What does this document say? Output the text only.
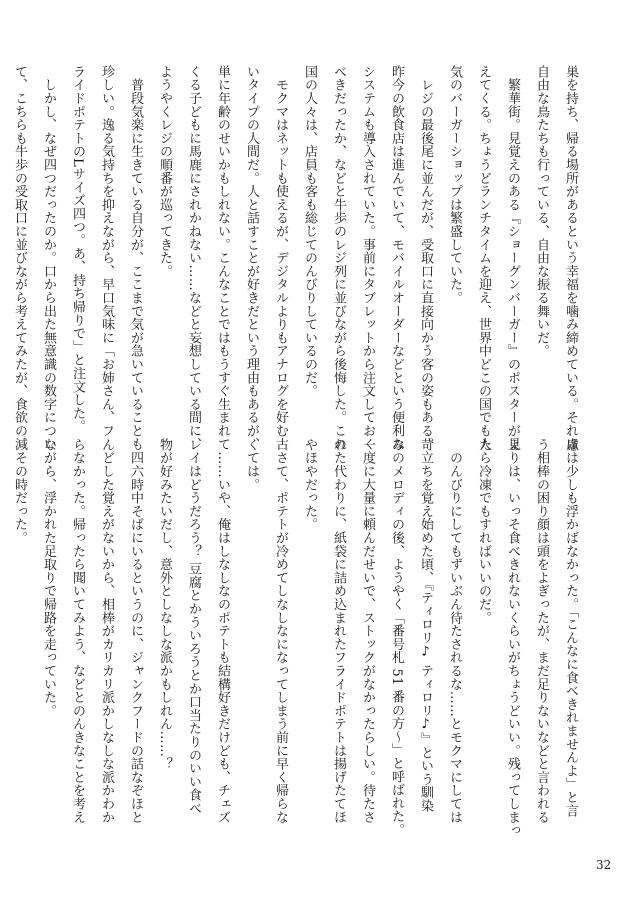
巣を持ち、帰る場所があるという幸福を噛み締めている。それは
自由な鳥たちも行っている、自由な振る舞いだ。
　繁華街。見覚えのある『ショーグンバーガー』のポスターが見
えてくる。ちょうどランチタイムを迎え、世界中どこの国でも人
気のバーガーショップは繁盛していた。
　レジの最後尾に並んだが、受取口に直接向かう客の姿もある。
昨今の飲食店は進んでいて、モバイルオーダーなどという便利な
システムも導入されていた。事前にタブレットから注文しておく
べきだったか、などと牛歩のレジ列に並びながら後悔した。この
国の人々は、店員も客も総じてのんびりしているのだ。
　モクマはネットも使えるが、デジタルよりもアナログを好む古
いタイプの人間だ。人と話すことが好きだという理由もあるが、
単に年齢のせいかもしれない。こんなことではもうすぐ生まれて
くる子どもに馬鹿にされかねない……などと妄想している間に、
ようやくレジの順番が巡ってきた。
　普段気楽に生きている自分が、ここまで気が急いていることも
珍しい。逸る気持ちを抑えながら、早口気味に「お姉さん、フ
ライドポテトのLサイズ四つ。あ、持ち帰りで」と注文した。
　しかし、なぜ四つだったのか。口から出た無意識の数字につい
て、こちらも牛歩の受取口に並びながら考えてみたが、食欲の減
慮は少しも浮かばなかった。「こんなに食べきれませんよ」と言
う相棒の困り顔は頭をよぎったが、まだ足りないなどと言われる
よりは、いっそ食べきれないくらいがちょうどいい。残ってしまっ
たら冷凍でもすればいいのだ。
　のんびりにしてもずいぶん待たされるな……とモクマにしては
苛立ちを覚え始めた頃、『ティロリ♪ ティロリ♪』という馴染
みのメロディの後、ようやく「番号札 51 番の方〜」と呼ばれた。
一度に大量に頼んだせいで、ストックがなかったらしい。待たさ
れた代わりに、紙袋に詰め込まれたフライドポテトは揚げたてほ
やほやだった。
　さて、ポテトが冷めてしなしなになってしまう前に早く帰らな
くては。
　……いや、俺はしなしなのポテトも結構好きだけども、チェズ
レイはどうだろう？ 豆腐とかういろうとか口当たりのいい食べ
物が好みたいだし、意外としなしな派かもしれん……？
　四六時中そばにいるというのに、ジャンクフードの話なぞほと
んどした覚えがないから、相棒がカリカリ派かしなしな派かわか
らなかった。帰ったら聞いてみよう、などとのんきなことを考え
ながら、浮かれた足取りで帰路を走っていた。
　その時だった。
32
